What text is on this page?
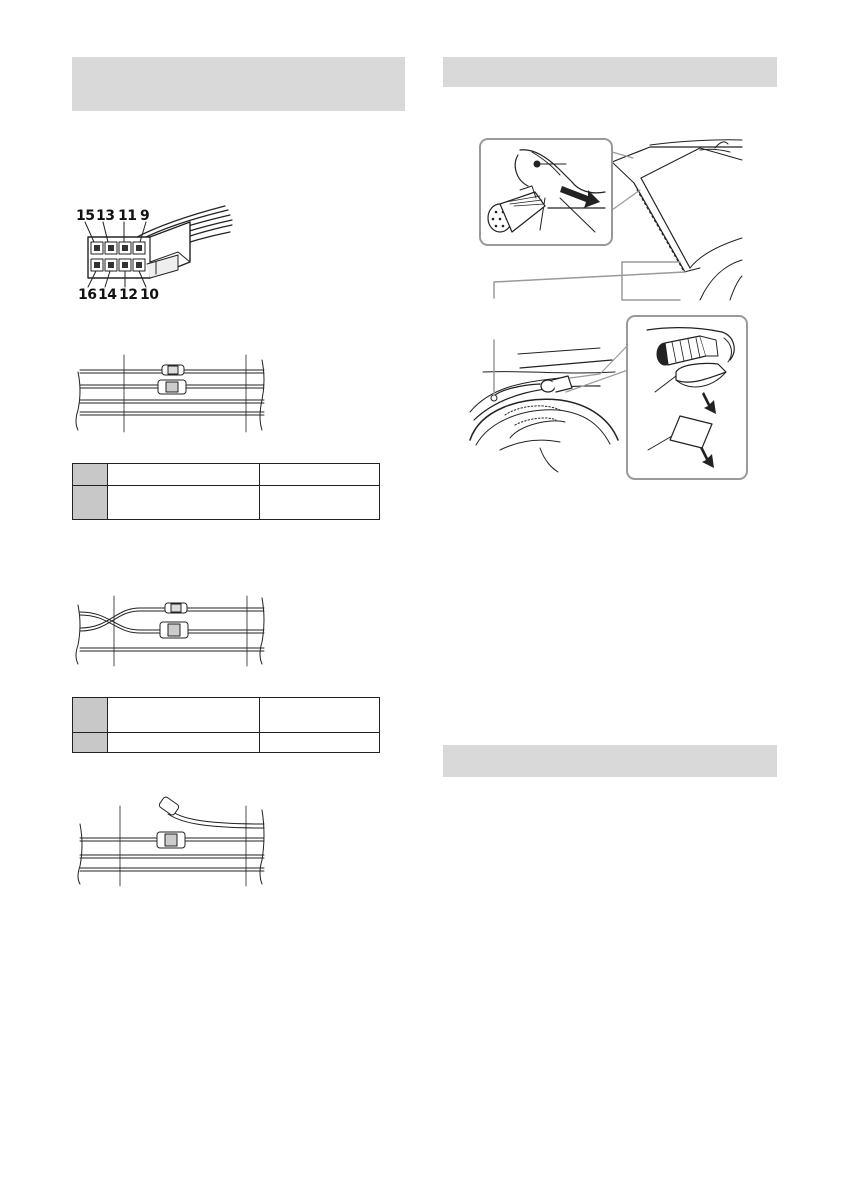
15 13 11 9
16 14 12 10
